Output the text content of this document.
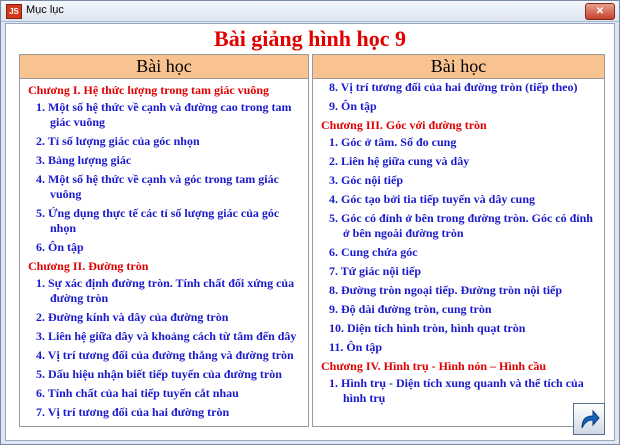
JS Mục lục	✕
Bài giảng hình học 9
Bài học
Chương I. Hệ thức lượng trong tam giác vuông
1. Một số hệ thức về cạnh và đường cao trong tam giác vuông
2. Tỉ số lượng giác của góc nhọn
3. Bảng lượng giác
4. Một số hệ thức về cạnh và góc trong tam giác vuông
5. Ứng dụng thực tế các tỉ số lượng giác của góc nhọn
6. Ôn tập
Chương II. Đường tròn
1. Sự xác định đường tròn. Tính chất đối xứng của đường tròn
2. Đường kính và dây của đường tròn
3. Liên hệ giữa dây và khoảng cách từ tâm đến dây
4. Vị trí tương đối của đường thẳng và đường tròn
5. Dấu hiệu nhận biết tiếp tuyến của đường tròn
6. Tính chất của hai tiếp tuyến cắt nhau
7. Vị trí tương đối của hai đường tròn
Bài học
8. Vị trí tương đối của hai đường tròn (tiếp theo)
9. Ôn tập
Chương III. Góc với đường tròn
1. Góc ở tâm. Số đo cung
2. Liên hệ giữa cung và dây
3. Góc nội tiếp
4. Góc tạo bởi tia tiếp tuyến và dây cung
5. Góc có đỉnh ở bên trong đường tròn. Góc có đỉnh ở bên ngoài đường tròn
6. Cung chứa góc
7. Tứ giác nội tiếp
8. Đường tròn ngoại tiếp. Đường tròn nội tiếp
9. Độ dài đường tròn, cung tròn
10. Diện tích hình tròn, hình quạt tròn
11. Ôn tập
Chương IV. Hình trụ - Hình nón – Hình cầu
1. Hình trụ - Diện tích xung quanh và thể tích của hình trụ
